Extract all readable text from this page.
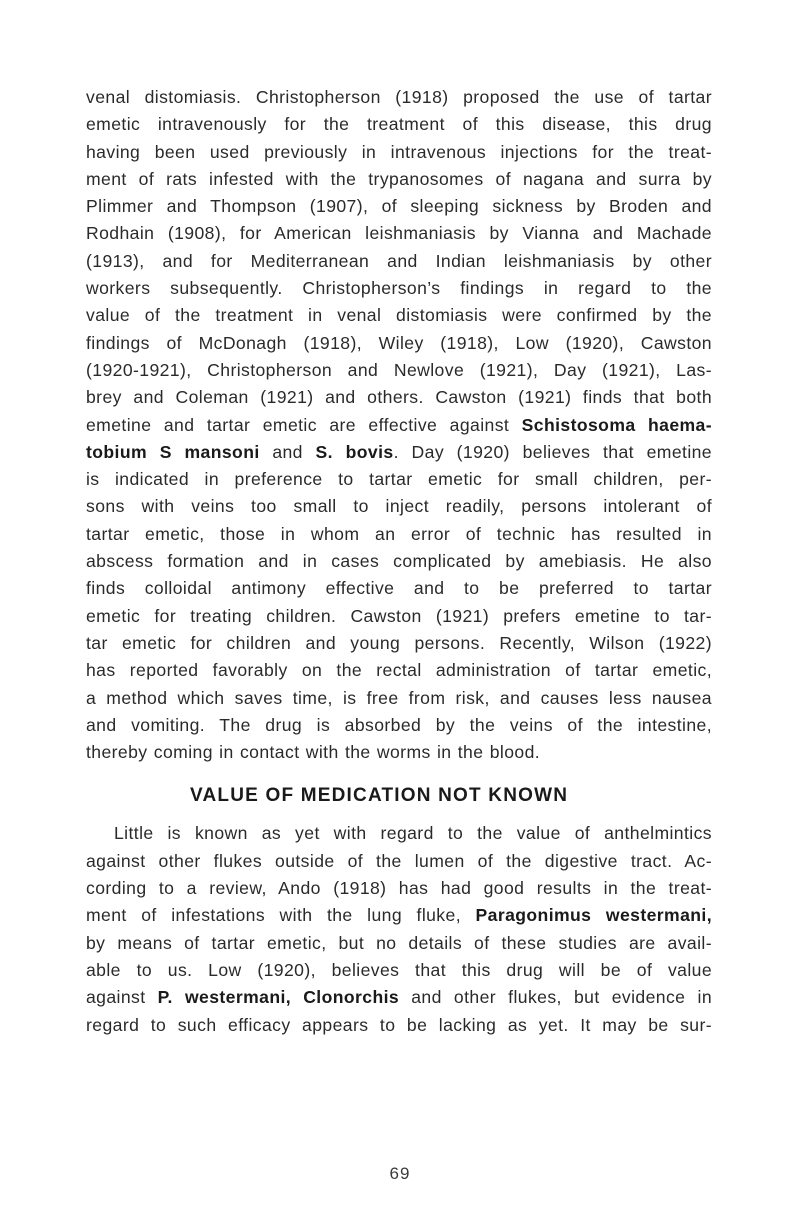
venal distomiasis. Christopherson (1918) proposed the use of tartar
emetic intravenously for the treatment of this disease, this drug
having been used previously in intravenous injections for the treat-
ment of rats infested with the trypanosomes of nagana and surra by
Plimmer and Thompson (1907), of sleeping sickness by Broden and
Rodhain (1908), for American leishmaniasis by Vianna and Machade
(1913), and for Mediterranean and Indian leishmaniasis by other
workers subsequently. Christopherson’s findings in regard to the
value of the treatment in venal distomiasis were confirmed by the
findings of McDonagh (1918), Wiley (1918), Low (1920), Cawston
(1920-1921), Christopherson and Newlove (1921), Day (1921), Las-
brey and Coleman (1921) and others. Cawston (1921) finds that both
emetine and tartar emetic are effective against Schistosoma haema-
tobium S mansoni and S. bovis. Day (1920) believes that emetine
is indicated in preference to tartar emetic for small children, per-
sons with veins too small to inject readily, persons intolerant of
tartar emetic, those in whom an error of technic has resulted in
abscess formation and in cases complicated by amebiasis. He also
finds colloidal antimony effective and to be preferred to tartar
emetic for treating children. Cawston (1921) prefers emetine to tar-
tar emetic for children and young persons. Recently, Wilson (1922)
has reported favorably on the rectal administration of tartar emetic,
a method which saves time, is free from risk, and causes less nausea
and vomiting. The drug is absorbed by the veins of the intestine,
thereby coming in contact with the worms in the blood.
VALUE OF MEDICATION NOT KNOWN
Little is known as yet with regard to the value of anthelmintics
against other flukes outside of the lumen of the digestive tract. Ac-
cording to a review, Ando (1918) has had good results in the treat-
ment of infestations with the lung fluke, Paragonimus westermani,
by means of tartar emetic, but no details of these studies are avail-
able to us. Low (1920), believes that this drug will be of value
against P. westermani, Clonorchis and other flukes, but evidence in
regard to such efficacy appears to be lacking as yet. It may be sur-
69
